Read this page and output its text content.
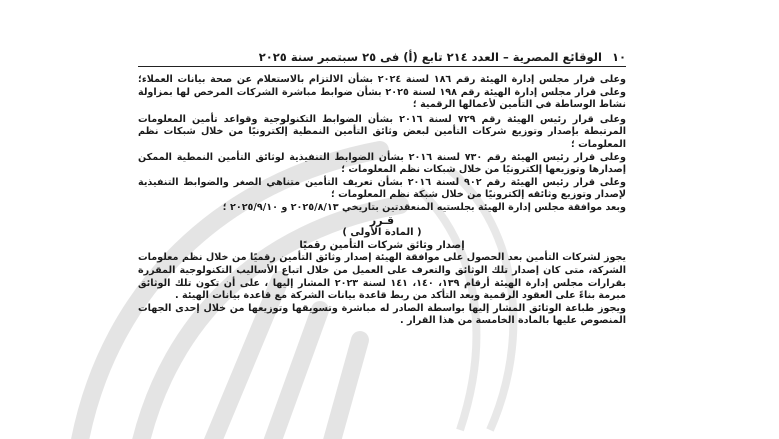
١٠
الوقائع المصرية – العدد ٢١٤ تابع (أ) فى ٢٥ سبتمبر سنة ٢٠٢٥

وعلى قرار مجلس إدارة الهيئة رقم ١٨٦ لسنة ٢٠٢٤ بشأن الالتزام بالاستعلام عن صحة بيانات العملاء؛ وعلى قرار مجلس إدارة الهيئة رقم ١٩٨ لسنة ٢٠٢٥ بشأن ضوابط مباشرة الشركات المرخص لها بمزاولة نشاط الوساطة في التأمين لأعمالها الرقمية ؛

وعلى قرار رئيس الهيئة رقم ٧٢٩ لسنة ٢٠١٦ بشأن الضوابط التكنولوجية وقواعد تأمين المعلومات المرتبطة بإصدار وتوزيع شركات التأمين لبعض وثائق التأمين النمطية إلكترونيًا من خلال شبكات نظم المعلومات ؛

وعلى قرار رئيس الهيئة رقم ٧٣٠ لسنة ٢٠١٦ بشأن الضوابط التنفيذية لوثائق التأمين النمطية الممكن إصدارها وتوزيعها إلكترونيًا من خلال شبكات نظم المعلومات ؛

وعلى قرار رئيس الهيئة رقم ٩٠٢ لسنة ٢٠١٦ بشأن تعريف التأمين متناهي الصغر والضوابط التنفيذية لإصدار وتوزيع وثائقه إلكترونيًا من خلال شبكة نظم المعلومات ؛

وبعد موافقة مجلس إدارة الهيئة بجلستيه المنعقدتين بتاريخي ٢٠٢٥/٨/١٣ و ٢٠٢٥/٩/١٠ ؛

قـرر

( المادة الأولى )

إصدار وثائق شركات التأمين رقميًا

يجوز لشركات التأمين بعد الحصول على موافقة الهيئة إصدار وثائق التأمين رقميًا من خلال نظم معلومات الشركة، متى كان إصدار تلك الوثائق والتعرف على العميل من خلال اتباع الأساليب التكنولوجية المقررة بقرارات مجلس إدارة الهيئة أرقام ١٣٩، ١٤٠، ١٤١ لسنة ٢٠٢٣ المشار إليها ، على أن تكون تلك الوثائق مبرمة بناءً على العقود الرقمية وبعد التأكد من ربط قاعدة بيانات الشركة مع قاعدة بيانات الهيئة .

ويجوز طباعة الوثائق المشار إليها بواسطة الصادر له مباشرة وتسويقها وتوزيعها من خلال إحدى الجهات المنصوص عليها بالمادة الخامسة من هذا القرار .
